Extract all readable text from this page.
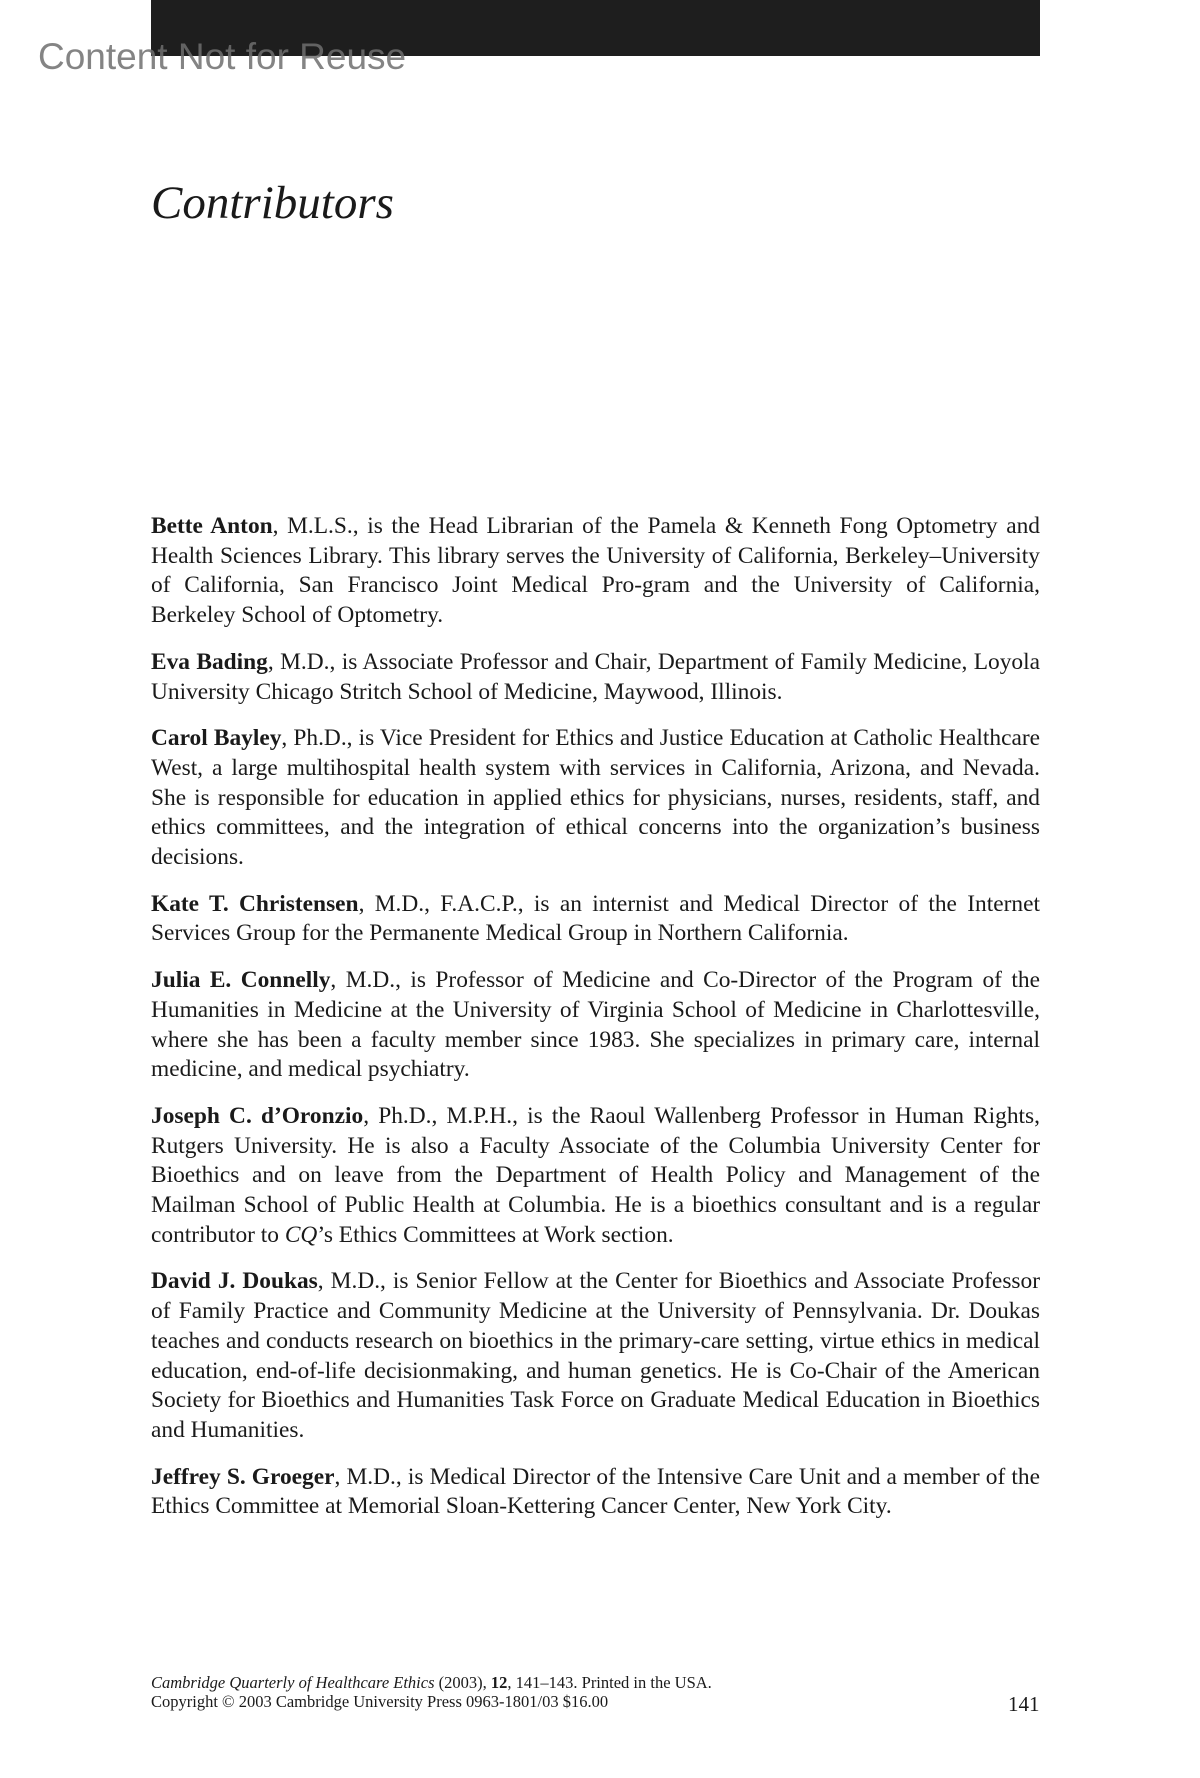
Content Not for Reuse
Contributors

Bette Anton, M.L.S., is the Head Librarian of the Pamela & Kenneth Fong Optometry and Health Sciences Library. This library serves the University of California, Berkeley–University of California, San Francisco Joint Medical Pro-gram and the University of California, Berkeley School of Optometry.

Eva Bading, M.D., is Associate Professor and Chair, Department of Family Medicine, Loyola University Chicago Stritch School of Medicine, Maywood, Illinois.

Carol Bayley, Ph.D., is Vice President for Ethics and Justice Education at Catholic Healthcare West, a large multihospital health system with services in California, Arizona, and Nevada. She is responsible for education in applied ethics for physicians, nurses, residents, staff, and ethics committees, and the integration of ethical concerns into the organization’s business decisions.

Kate T. Christensen, M.D., F.A.C.P., is an internist and Medical Director of the Internet Services Group for the Permanente Medical Group in Northern California.

Julia E. Connelly, M.D., is Professor of Medicine and Co-Director of the Program of the Humanities in Medicine at the University of Virginia School of Medicine in Charlottesville, where she has been a faculty member since 1983. She specializes in primary care, internal medicine, and medical psychiatry.

Joseph C. d’Oronzio, Ph.D., M.P.H., is the Raoul Wallenberg Professor in Human Rights, Rutgers University. He is also a Faculty Associate of the Columbia University Center for Bioethics and on leave from the Department of Health Policy and Management of the Mailman School of Public Health at Columbia. He is a bioethics consultant and is a regular contributor to CQ’s Ethics Committees at Work section.

David J. Doukas, M.D., is Senior Fellow at the Center for Bioethics and Associate Professor of Family Practice and Community Medicine at the University of Pennsylvania. Dr. Doukas teaches and conducts research on bioethics in the primary-care setting, virtue ethics in medical education, end-of-life decisionmaking, and human genetics. He is Co-Chair of the American Society for Bioethics and Humanities Task Force on Graduate Medical Education in Bioethics and Humanities.

Jeffrey S. Groeger, M.D., is Medical Director of the Intensive Care Unit and a member of the Ethics Committee at Memorial Sloan-Kettering Cancer Center, New York City.

Cambridge Quarterly of Healthcare Ethics (2003), 12, 141–143. Printed in the USA.
Copyright © 2003 Cambridge University Press 0963-1801/03 $16.00	141
